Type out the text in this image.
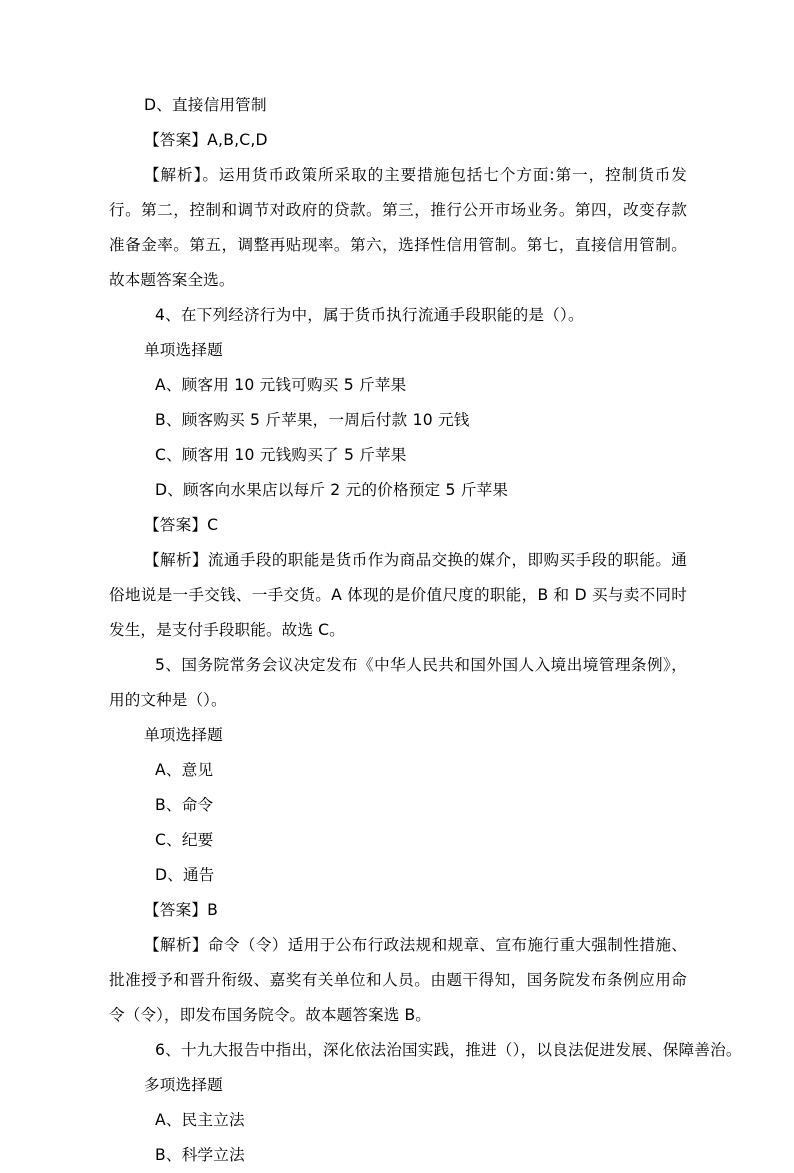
D、直接信用管制
【答案】A,B,C,D
【解析】。运用货币政策所采取的主要措施包括七个方面:第一，控制货币发行。第二，控制和调节对政府的贷款。第三，推行公开市场业务。第四，改变存款准备金率。第五，调整再贴现率。第六，选择性信用管制。第七，直接信用管制。故本题答案全选。
4、在下列经济行为中，属于货币执行流通手段职能的是（）。
单项选择题
A、顾客用 10 元钱可购买 5 斤苹果
B、顾客购买 5 斤苹果，一周后付款 10 元钱
C、顾客用 10 元钱购买了 5 斤苹果
D、顾客向水果店以每斤 2 元的价格预定 5 斤苹果
【答案】C
【解析】流通手段的职能是货币作为商品交换的媒介，即购买手段的职能。通俗地说是一手交钱、一手交货。A 体现的是价值尺度的职能，B 和 D 买与卖不同时发生，是支付手段职能。故选 C。
5、国务院常务会议决定发布《中华人民共和国外国人入境出境管理条例》，用的文种是（）。
单项选择题
A、意见
B、命令
C、纪要
D、通告
【答案】B
【解析】命令（令）适用于公布行政法规和规章、宣布施行重大强制性措施、批准授予和晋升衔级、嘉奖有关单位和人员。由题干得知，国务院发布条例应用命令（令），即发布国务院令。故本题答案选 B。
6、十九大报告中指出，深化依法治国实践，推进（），以良法促进发展、保障善治。
多项选择题
A、民主立法
B、科学立法
